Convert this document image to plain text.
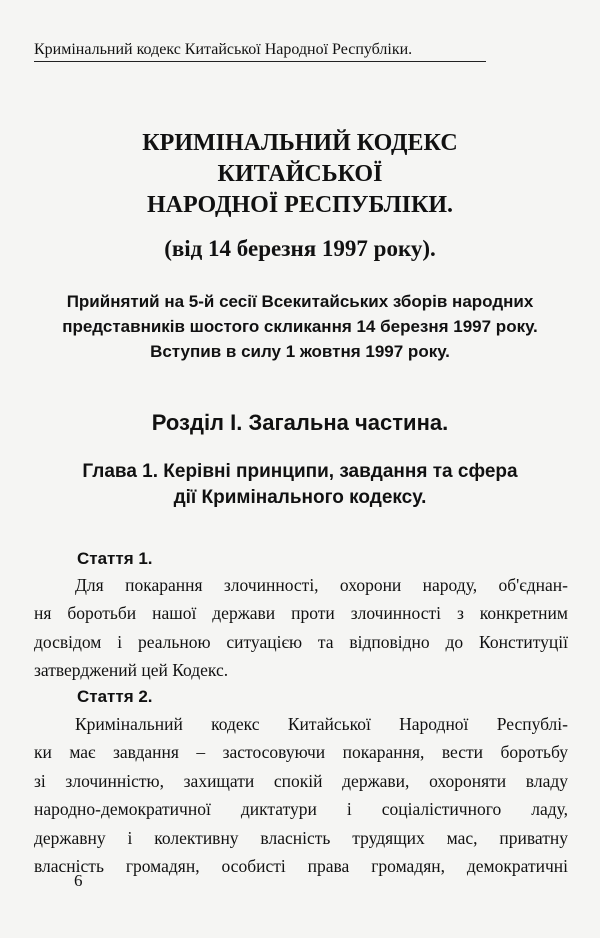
Кримінальний кодекс Китайської Народної Республіки.
КРИМІНАЛЬНИЙ КОДЕКС
КИТАЙСЬКОЇ
НАРОДНОЇ РЕСПУБЛІКИ.
(від 14 березня 1997 року).
Прийнятий на 5-й сесії Всекитайських зборів народних
представників шостого скликання 14 березня 1997 року.
Вступив в силу 1 жовтня 1997 року.
Розділ І. Загальна частина.
Глава 1. Керівні принципи, завдання та сфера
дії Кримінального кодексу.
Стаття 1.
Для покарання злочинності, охорони народу, об'єднан-
ня боротьби нашої держави проти злочинності з конкретним
досвідом і реальною ситуацією та відповідно до Конституції
затверджений цей Кодекс.
Стаття 2.
Кримінальний кодекс Китайської Народної Республі-
ки має завдання – застосовуючи покарання, вести боротьбу
зі злочинністю, захищати спокій держави, охороняти владу
народно-демократичної диктатури і соціалістичного ладу,
державну і колективну власність трудящих мас, приватну
власність громадян, особисті права громадян, демократичні
6
